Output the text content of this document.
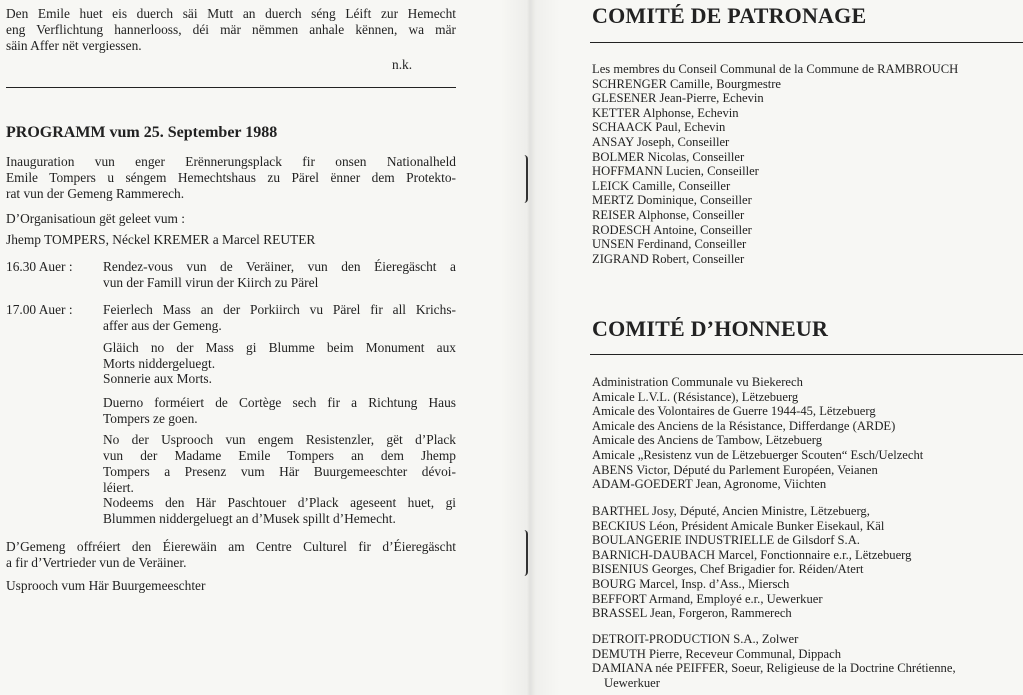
Den Emile huet eis duerch säi Mutt an duerch séng Léift zur Hemecht
eng Verflichtung hannerlooss, déi mär nëmmen anhale kënnen, wa mär
säin Affer nët vergiessen.
n.k.
PROGRAMM vum 25. September 1988
Inauguration vun enger Erënnerungsplack fir onsen Nationalheld
Emile Tompers u séngem Hemechtshaus zu Pärel ënner dem Protekto-
rat vun der Gemeng Rammerech.
D’Organisatioun gët geleet vum :
Jhemp TOMPERS, Néckel KREMER a Marcel REUTER
16.30 Auer : Rendez-vous vun de Veräiner, vun den Éieregäscht a
vun der Famill virun der Kiirch zu Pärel
17.00 Auer : Feierlech Mass an der Porkiirch vu Pärel fir all Krichs-
affer aus der Gemeng.
Gläich no der Mass gi Blumme beim Monument aux
Morts niddergeluegt.
Sonnerie aux Morts.
Duerno forméiert de Cortège sech fir a Richtung Haus
Tompers ze goen.
No der Usprooch vun engem Resistenzler, gët d’Plack
vun der Madame Emile Tompers an dem Jhemp
Tompers a Presenz vum Här Buurgemeeschter dévoi-
léiert.
Nodeems den Här Paschtouer d’Plack ageseent huet, gi
Blummen niddergeluegt an d’Musek spillt d’Hemecht.
D’Gemeng offréiert den Éierewäin am Centre Culturel fir d’Éieregäscht
a fir d’Vertrieder vun de Veräiner.
Usprooch vum Här Buurgemeeschter
COMITÉ DE PATRONAGE
Les membres du Conseil Communal de la Commune de RAMBROUCH
SCHRENGER Camille, Bourgmestre
GLESENER Jean-Pierre, Echevin
KETTER Alphonse, Echevin
SCHAACK Paul, Echevin
ANSAY Joseph, Conseiller
BOLMER Nicolas, Conseiller
HOFFMANN Lucien, Conseiller
LEICK Camille, Conseiller
MERTZ Dominique, Conseiller
REISER Alphonse, Conseiller
RODESCH Antoine, Conseiller
UNSEN Ferdinand, Conseiller
ZIGRAND Robert, Conseiller
COMITÉ D’HONNEUR
Administration Communale vu Biekerech
Amicale L.V.L. (Résistance), Lëtzebuerg
Amicale des Volontaires de Guerre 1944-45, Lëtzebuerg
Amicale des Anciens de la Résistance, Differdange (ARDE)
Amicale des Anciens de Tambow, Lëtzebuerg
Amicale „Resistenz vun de Lëtzebuerger Scouten“ Esch/Uelzecht
ABENS Victor, Député du Parlement Européen, Veianen
ADAM-GOEDERT Jean, Agronome, Viichten
BARTHEL Josy, Député, Ancien Ministre, Lëtzebuerg,
BECKIUS Léon, Président Amicale Bunker Eisekaul, Käl
BOULANGERIE INDUSTRIELLE de Gilsdorf S.A.
BARNICH-DAUBACH Marcel, Fonctionnaire e.r., Lëtzebuerg
BISENIUS Georges, Chef Brigadier for. Réiden/Atert
BOURG Marcel, Insp. d’Ass., Miersch
BEFFORT Armand, Employé e.r., Uewerkuer
BRASSEL Jean, Forgeron, Rammerech
DETROIT-PRODUCTION S.A., Zolwer
DEMUTH Pierre, Receveur Communal, Dippach
DAMIANA née PEIFFER, Soeur, Religieuse de la Doctrine Chrétienne,
Uewerkuer
